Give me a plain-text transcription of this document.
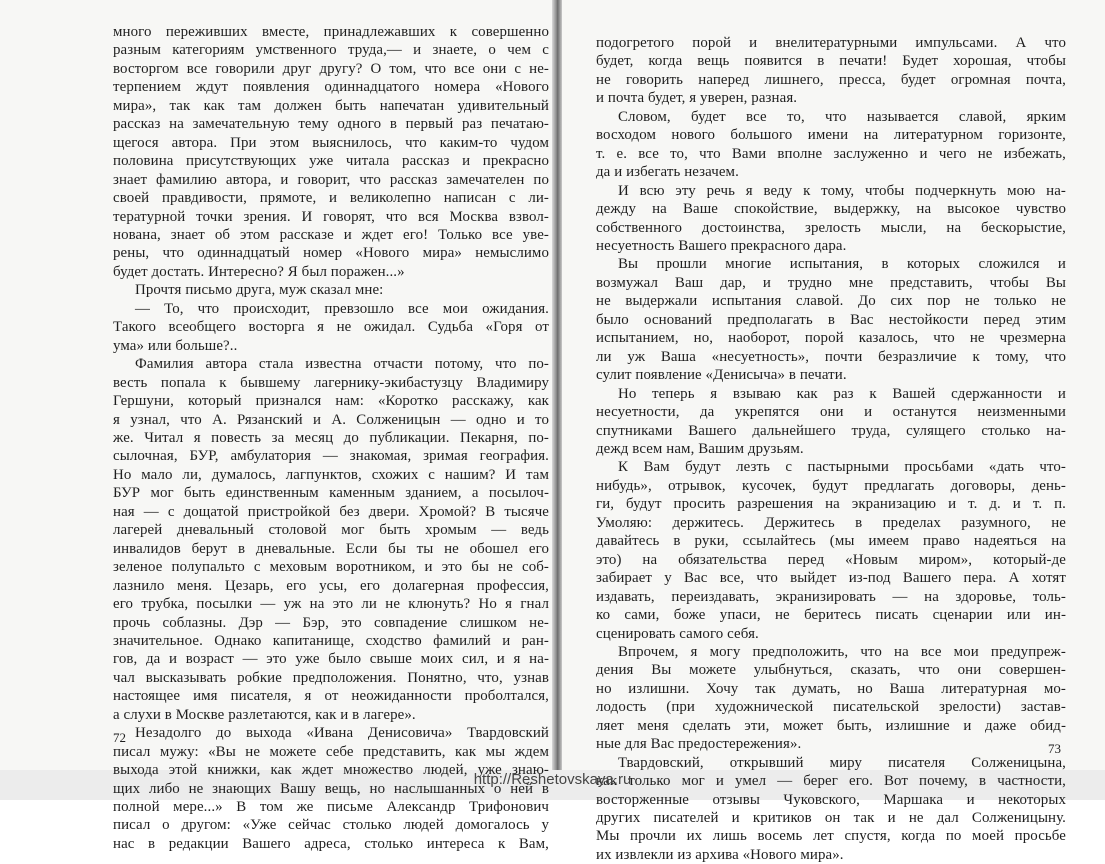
много переживших вместе, принадлежавших к совершенно
разным категориям умственного труда,— и знаете, о чем с
восторгом все говорили друг другу? О том, что все они с не-
терпением ждут появления одиннадцатого номера «Нового
мира», так как там должен быть напечатан удивительный
рассказ на замечательную тему одного в первый раз печатаю-
щегося автора. При этом выяснилось, что каким-то чудом
половина присутствующих уже читала рассказ и прекрасно
знает фамилию автора, и говорит, что рассказ замечателен по
своей правдивости, прямоте, и великолепно написан с ли-
тературной точки зрения. И говорят, что вся Москва взвол-
нована, знает об этом рассказе и ждет его! Только все уве-
рены, что одиннадцатый номер «Нового мира» немыслимо
будет достать. Интересно? Я был поражен...»
Прочтя письмо друга, муж сказал мне:
— То, что происходит, превзошло все мои ожидания.
Такого всеобщего восторга я не ожидал. Судьба «Горя от
ума» или больше?..
Фамилия автора стала известна отчасти потому, что по-
весть попала к бывшему лагернику-экибастузцу Владимиру
Гершуни, который признался нам: «Коротко расскажу, как
я узнал, что А. Рязанский и А. Солженицын — одно и то
же. Читал я повесть за месяц до публикации. Пекарня, по-
сылочная, БУР, амбулатория — знакомая, зримая география.
Но мало ли, думалось, лагпунктов, схожих с нашим? И там
БУР мог быть единственным каменным зданием, а посылоч-
ная — с дощатой пристройкой без двери. Хромой? В тысяче
лагерей дневальный столовой мог быть хромым — ведь
инвалидов берут в дневальные. Если бы ты не обошел его
зеленое полупальто с меховым воротником, и это бы не соб-
лазнило меня. Цезарь, его усы, его долагерная профессия,
его трубка, посылки — уж на это ли не клюнуть? Но я гнал
прочь соблазны. Дэр — Бэр, это совпадение слишком не-
значительное. Однако капитанище, сходство фамилий и ран-
гов, да и возраст — это уже было свыше моих сил, и я на-
чал высказывать робкие предположения. Понятно, что, узнав
настоящее имя писателя, я от неожиданности проболтался,
а слухи в Москве разлетаются, как и в лагере».
Незадолго до выхода «Ивана Денисовича» Твардовский
писал мужу: «Вы не можете себе представить, как мы ждем
выхода этой книжки, как ждет множество людей, уже знаю-
щих либо не знающих Вашу вещь, но наслышанных о ней в
полной мере...» В том же письме Александр Трифонович
писал о другом: «Уже сейчас столько людей домогалось у
нас в редакции Вашего адреса, столько интереса к Вам,
72
подогретого порой и внелитературными импульсами. А что
будет, когда вещь появится в печати! Будет хорошая, чтобы
не говорить наперед лишнего, пресса, будет огромная почта,
и почта будет, я уверен, разная.
Словом, будет все то, что называется славой, ярким
восходом нового большого имени на литературном горизонте,
т. е. все то, что Вами вполне заслуженно и чего не избежать,
да и избегать незачем.
И всю эту речь я веду к тому, чтобы подчеркнуть мою на-
дежду на Ваше спокойствие, выдержку, на высокое чувство
собственного достоинства, зрелость мысли, на бескорыстие,
несуетность Вашего прекрасного дара.
Вы прошли многие испытания, в которых сложился и
возмужал Ваш дар, и трудно мне представить, чтобы Вы
не выдержали испытания славой. До сих пор не только не
было оснований предполагать в Вас нестойкости перед этим
испытанием, но, наоборот, порой казалось, что не чрезмерна
ли уж Ваша «несуетность», почти безразличие к тому, что
сулит появление «Денисыча» в печати.
Но теперь я взываю как раз к Вашей сдержанности и
несуетности, да укрепятся они и останутся неизменными
спутниками Вашего дальнейшего труда, сулящего столько на-
дежд всем нам, Вашим друзьям.
К Вам будут лезть с пастырными просьбами «дать что-
нибудь», отрывок, кусочек, будут предлагать договоры, день-
ги, будут просить разрешения на экранизацию и т. д. и т. п.
Умоляю: держитесь. Держитесь в пределах разумного, не
давайтесь в руки, ссылайтесь (мы имеем право надеяться на
это) на обязательства перед «Новым миром», который-де
забирает у Вас все, что выйдет из-под Вашего пера. А хотят
издавать, переиздавать, экранизировать — на здоровье, толь-
ко сами, боже упаси, не беритесь писать сценарии или ин-
сценировать самого себя.
Впрочем, я могу предположить, что на все мои предупреж-
дения Вы можете улыбнуться, сказать, что они совершен-
но излишни. Хочу так думать, но Ваша литературная мо-
лодость (при художнической писательской зрелости) застав-
ляет меня сделать эти, может быть, излишние и даже обид-
ные для Вас предостережения».
Твардовский, открывший миру писателя Солженицына,
как только мог и умел — берег его. Вот почему, в частности,
восторженные отзывы Чуковского, Маршака и некоторых
других писателей и критиков он так и не дал Солженицыну.
Мы прочли их лишь восемь лет спустя, когда по моей просьбе
их извлекли из архива «Нового мира».
73
http://Reshetovskaya.ru
